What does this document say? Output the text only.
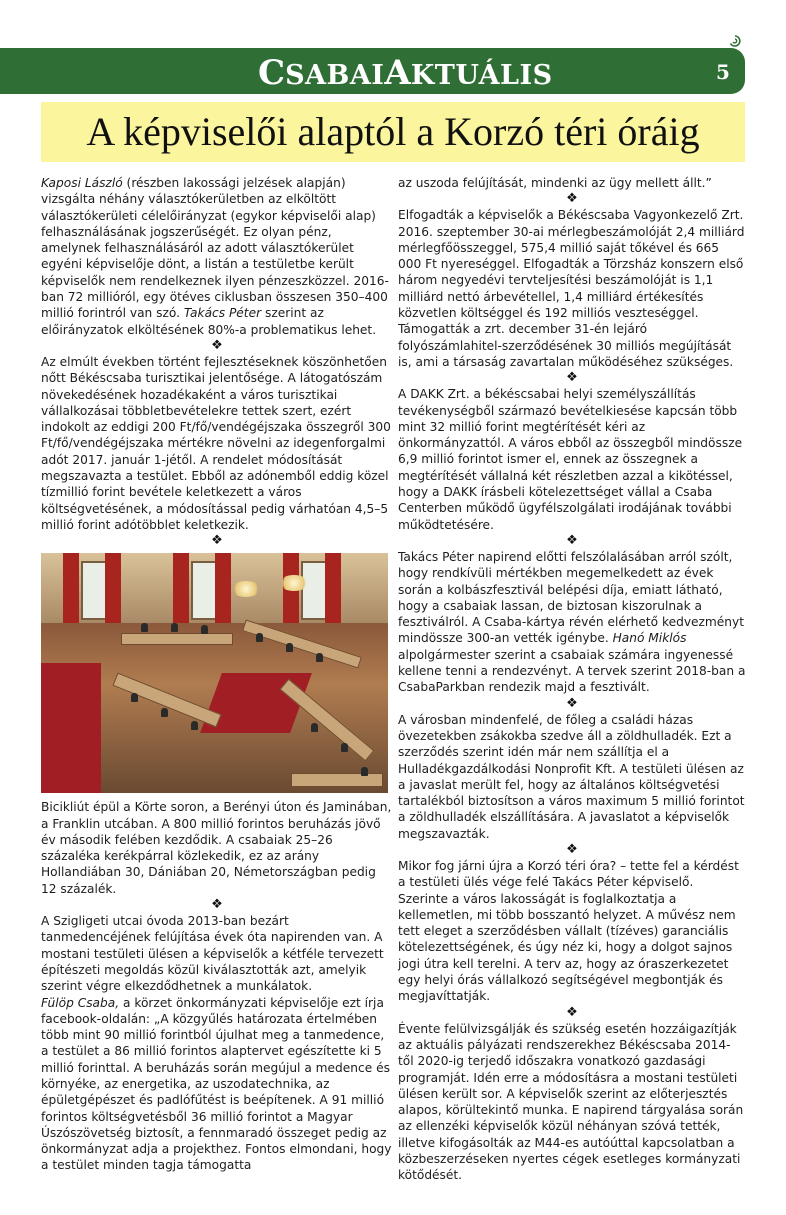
CSABAIAKTUÁLIS	5
A képviselői alaptól a Korzó téri óráig

Kaposi László (részben lakossági jelzések alapján) vizsgálta néhány választókerületben az elköltött választókerületi célelőirányzat (egykor képviselői alap) felhasználásának jogszerűségét. Ez olyan pénz, amelynek felhasználásáról az adott választókerület egyéni képviselője dönt, a listán a testületbe került képviselők nem rendelkeznek ilyen pénzeszközzel. 2016-ban 72 millióról, egy ötéves ciklusban összesen 350–400 millió forintról van szó. Takács Péter szerint az előirányzatok elköltésének 80%-a problematikus lehet.

❖

Az elmúlt években történt fejlesztéseknek köszönhetően nőtt Békéscsaba turisztikai jelentősége. A látogatószám növekedésének hozadékaként a város turisztikai vállalkozásai többletbevételekre tettek szert, ezért indokolt az eddigi 200 Ft/fő/vendégéjszaka összegről 300 Ft/fő/vendégéjszaka mértékre növelni az idegenforgalmi adót 2017. január 1-jétől. A rendelet módosítását megszavazta a testület. Ebből az adónemből eddig közel tízmillió forint bevétele keletkezett a város költségvetésének, a módosítással pedig várhatóan 4,5–5 millió forint adótöbblet keletkezik.

❖

Bicikliút épül a Körte soron, a Berényi úton és Jaminában, a Franklin utcában. A 800 millió forintos beruházás jövő év második felében kezdődik. A csabaiak 25–26 százaléka kerékpárral közlekedik, ez az arány Hollandiában 30, Dániában 20, Németországban pedig 12 százalék.

❖

A Szigligeti utcai óvoda 2013-ban bezárt tanmedencéjének felújítása évek óta napirenden van. A mostani testületi ülésen a képviselők a kétféle tervezett építészeti megoldás közül kiválasztották azt, amelyik szerint végre elkezdődhetnek a munkálatok.

Fülöp Csaba, a körzet önkormányzati képviselője ezt írja facebook-oldalán: „A közgyűlés határozata értelmében több mint 90 millió forintból újulhat meg a tanmedence, a testület a 86 millió forintos alaptervet egészítette ki 5 millió forinttal. A beruházás során megújul a medence és környéke, az energetika, az uszodatechnika, az épületgépészet és padlófűtést is beépítenek. A 91 millió forintos költségvetésből 36 millió forintot a Magyar Úszószövetség biztosít, a fennmaradó összeget pedig az önkormányzat adja a projekthez. Fontos elmondani, hogy a testület minden tagja támogatta

az uszoda felújítását, mindenki az ügy mellett állt.”

❖

Elfogadták a képviselők a Békéscsaba Vagyonkezelő Zrt. 2016. szeptember 30-ai mérlegbeszámolóját 2,4 milliárd mérlegfőösszeggel, 575,4 millió saját tőkével és 665 000 Ft nyereséggel. Elfogadták a Törzsház konszern első három negyedévi tervteljesítési beszámolóját is 1,1 milliárd nettó árbevétellel, 1,4 milliárd értékesítés közvetlen költséggel és 192 milliós veszteséggel. Támogatták a zrt. december 31-én lejáró folyószámlahitel-szerződésének 30 milliós megújítását is, ami a társaság zavartalan működéséhez szükséges.

❖

A DAKK Zrt. a békéscsabai helyi személyszállítás tevékenységből származó bevételkiesése kapcsán több mint 32 millió forint megtérítését kéri az önkormányzattól. A város ebből az összegből mindössze 6,9 millió forintot ismer el, ennek az összegnek a megtérítését vállalná két részletben azzal a kikötéssel, hogy a DAKK írásbeli kötelezettséget vállal a Csaba Centerben működő ügyfélszolgálati irodájának további működtetésére.

❖

Takács Péter napirend előtti felszólalásában arról szólt, hogy rendkívüli mértékben megemelkedett az évek során a kolbászfesztivál belépési díja, emiatt látható, hogy a csabaiak lassan, de biztosan kiszorulnak a fesztiválról. A Csaba-kártya révén elérhető kedvezményt mindössze 300-an vették igénybe. Hanó Miklós alpolgármester szerint a csabaiak számára ingyenessé kellene tenni a rendezvényt. A tervek szerint 2018-ban a CsabaParkban rendezik majd a fesztivált.

❖

A városban mindenfelé, de főleg a családi házas övezetekben zsákokba szedve áll a zöldhulladék. Ezt a szerződés szerint idén már nem szállítja el a Hulladékgazdálkodási Nonprofit Kft. A testületi ülésen az a javaslat merült fel, hogy az általános költségvetési tartalékból biztosítson a város maximum 5 millió forintot a zöldhulladék elszállítására. A javaslatot a képviselők megszavazták.

❖

Mikor fog járni újra a Korzó téri óra? – tette fel a kérdést a testületi ülés vége felé Takács Péter képviselő. Szerinte a város lakosságát is foglalkoztatja a kellemetlen, mi több bosszantó helyzet. A művész nem tett eleget a szerződésben vállalt (tízéves) garanciális kötelezettségének, és úgy néz ki, hogy a dolgot sajnos jogi útra kell terelni. A terv az, hogy az óraszerkezetet egy helyi órás vállalkozó segítségével megbontják és megjavíttatják.

❖

Évente felülvizsgálják és szükség esetén hozzáigazítják az aktuális pályázati rendszerekhez Békéscsaba 2014-től 2020-ig terjedő időszakra vonatkozó gazdasági programját. Idén erre a módosításra a mostani testületi ülésen került sor. A képviselők szerint az előterjesztés alapos, körültekintő munka. E napirend tárgyalása során az ellenzéki képviselők közül néhányan szóvá tették, illetve kifogásolták az M44-es autóúttal kapcsolatban a közbeszerzéseken nyertes cégek esetleges kormányzati kötődését.
